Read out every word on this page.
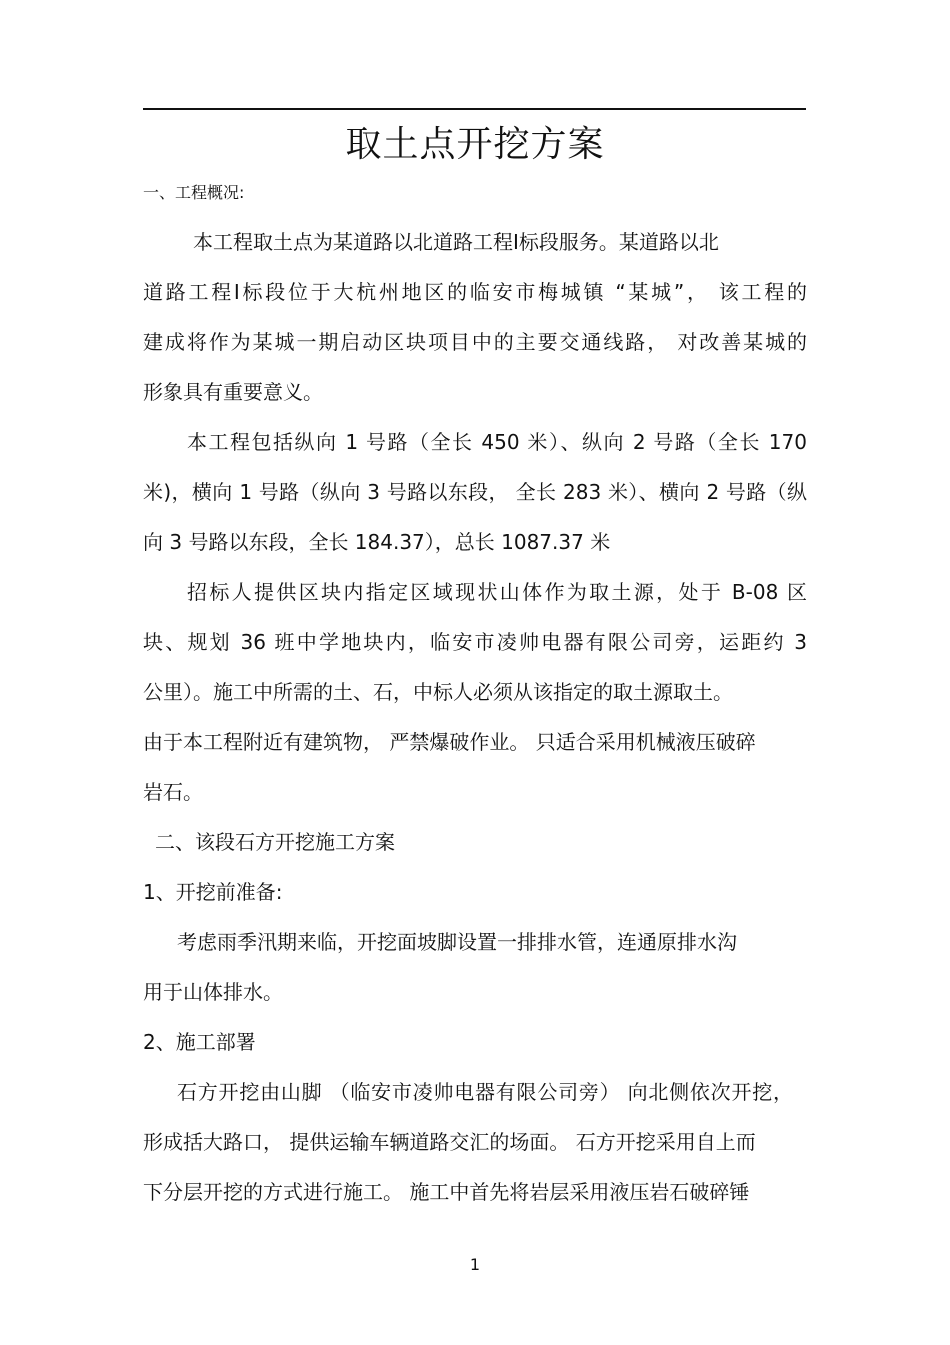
取土点开挖方案
一、工程概况:
本工程取土点为某道路以北道路工程Ⅰ标段服务。某道路以北
道路工程Ⅰ标段位于大杭州地区的临安市梅城镇 “某城”， 该工程的
建成将作为某城一期启动区块项目中的主要交通线路， 对改善某城的
形象具有重要意义。
本工程包括纵向 1 号路（全长 450 米）、纵向 2 号路（全长 170
米)，横向 1 号路（纵向 3 号路以东段， 全长 283 米）、横向 2 号路（纵
向 3 号路以东段，全长 184.37），总长 1087.37 米
招标人提供区块内指定区域现状山体作为取土源，处于 B-08 区
块、规划 36 班中学地块内，临安市凌帅电器有限公司旁，运距约 3
公里）。施工中所需的土、石，中标人必须从该指定的取土源取土。
由于本工程附近有建筑物， 严禁爆破作业。 只适合采用机械液压破碎
岩石。
二、该段石方开挖施工方案
1、开挖前准备:
考虑雨季汛期来临，开挖面坡脚设置一排排水管，连通原排水沟
用于山体排水。
2、施工部署
石方开挖由山脚 （临安市凌帅电器有限公司旁） 向北侧依次开挖，
形成括大路口， 提供运输车辆道路交汇的场面。 石方开挖采用自上而
下分层开挖的方式进行施工。 施工中首先将岩层采用液压岩石破碎锤
1
